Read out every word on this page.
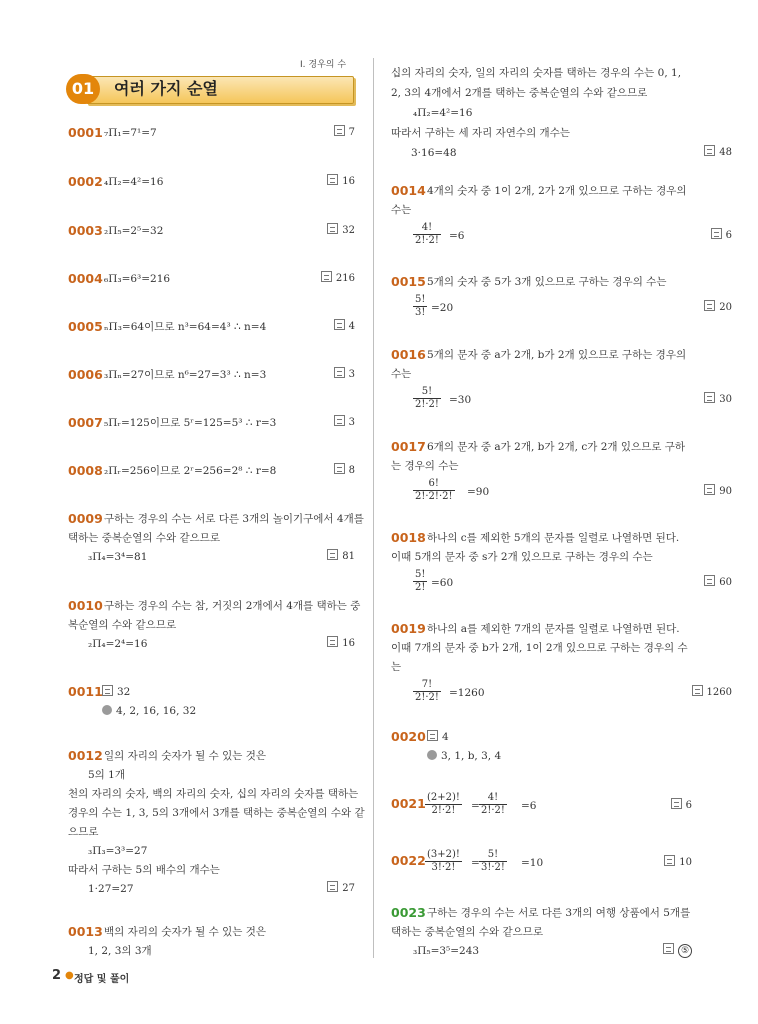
Ⅰ. 경우의 수
01	여러 가지 순열
0001 ₇Π₁=7¹=7	7
0002 ₄Π₂=4²=16	16
0003 ₂Π₅=2⁵=32	32
0004 ₆Π₃=6³=216	216
0005 ₙΠ₃=64이므로 n³=64=4³ ∴ n=4	4
0006 ₃Πₙ=27이므로 n⁶=27=3³ ∴ n=3	3
0007 ₅Πᵣ=125이므로 5ʳ=125=5³ ∴ r=3	3
0008 ₂Πᵣ=256이므로 2ʳ=256=2⁸ ∴ r=8	8
0009 구하는 경우의 수는 서로 다른 3개의 놀이기구에서 4개를
택하는 중복순열의 수와 같으므로
₃Π₄=3⁴=81	81
0010 구하는 경우의 수는 참, 거짓의 2개에서 4개를 택하는 중
복순열의 수와 같으므로
₂Π₄=2⁴=16	16
0011	32
4, 2, 16, 16, 32
0012 일의 자리의 숫자가 될 수 있는 것은
5의 1개
천의 자리의 숫자, 백의 자리의 숫자, 십의 자리의 숫자를 택하는
경우의 수는 1, 3, 5의 3개에서 3개를 택하는 중복순열의 수와 같
으므로
₃Π₃=3³=27
따라서 구하는 5의 배수의 개수는
1·27=27	27
0013 백의 자리의 숫자가 될 수 있는 것은
1, 2, 3의 3개
십의 자리의 숫자, 일의 자리의 숫자를 택하는 경우의 수는 0, 1,
2, 3의 4개에서 2개를 택하는 중복순열의 수와 같으므로
₄Π₂=4²=16
따라서 구하는 세 자리 자연수의 개수는
3·16=48	48
0014 4개의 숫자 중 1이 2개, 2가 2개 있으므로 구하는 경우의
수는
$\frac{4!}{2!\cdot 2!} =6$	6
0015 5개의 숫자 중 5가 3개 있으므로 구하는 경우의 수는
$\frac{5!}{3!} =20$	20
0016 5개의 문자 중 a가 2개, b가 2개 있으므로 구하는 경우의
수는
$\frac{5!}{2!\cdot 2!} =30$	30
0017 6개의 문자 중 a가 2개, b가 2개, c가 2개 있으므로 구하
는 경우의 수는
$\frac{6!}{2!\cdot 2!\cdot 2!} =90$	90
0018 하나의 c를 제외한 5개의 문자를 일렬로 나열하면 된다.
이때 5개의 문자 중 s가 2개 있으므로 구하는 경우의 수는
$\frac{5!}{2!} =60$	60
0019 하나의 a를 제외한 7개의 문자를 일렬로 나열하면 된다.
이때 7개의 문자 중 b가 2개, 1이 2개 있으므로 구하는 경우의 수
는
$\frac{7!}{2!\cdot 2!} =1260$	1260
0020	4
3, 1, b, 3, 4
$0021 \frac{(2+2)!}{2!\cdot 2!} = \frac{4!}{2!\cdot 2!} =6$	6
$0022 \frac{(3+2)!}{3!\cdot 2!} = \frac{5!}{3!\cdot 2!} =10$	10
0023 구하는 경우의 수는 서로 다른 3개의 여행 상품에서 5개를
택하는 중복순열의 수와 같으므로
₃Π₅=3⁵=243	⑤
2 ● 정답 및 풀이
